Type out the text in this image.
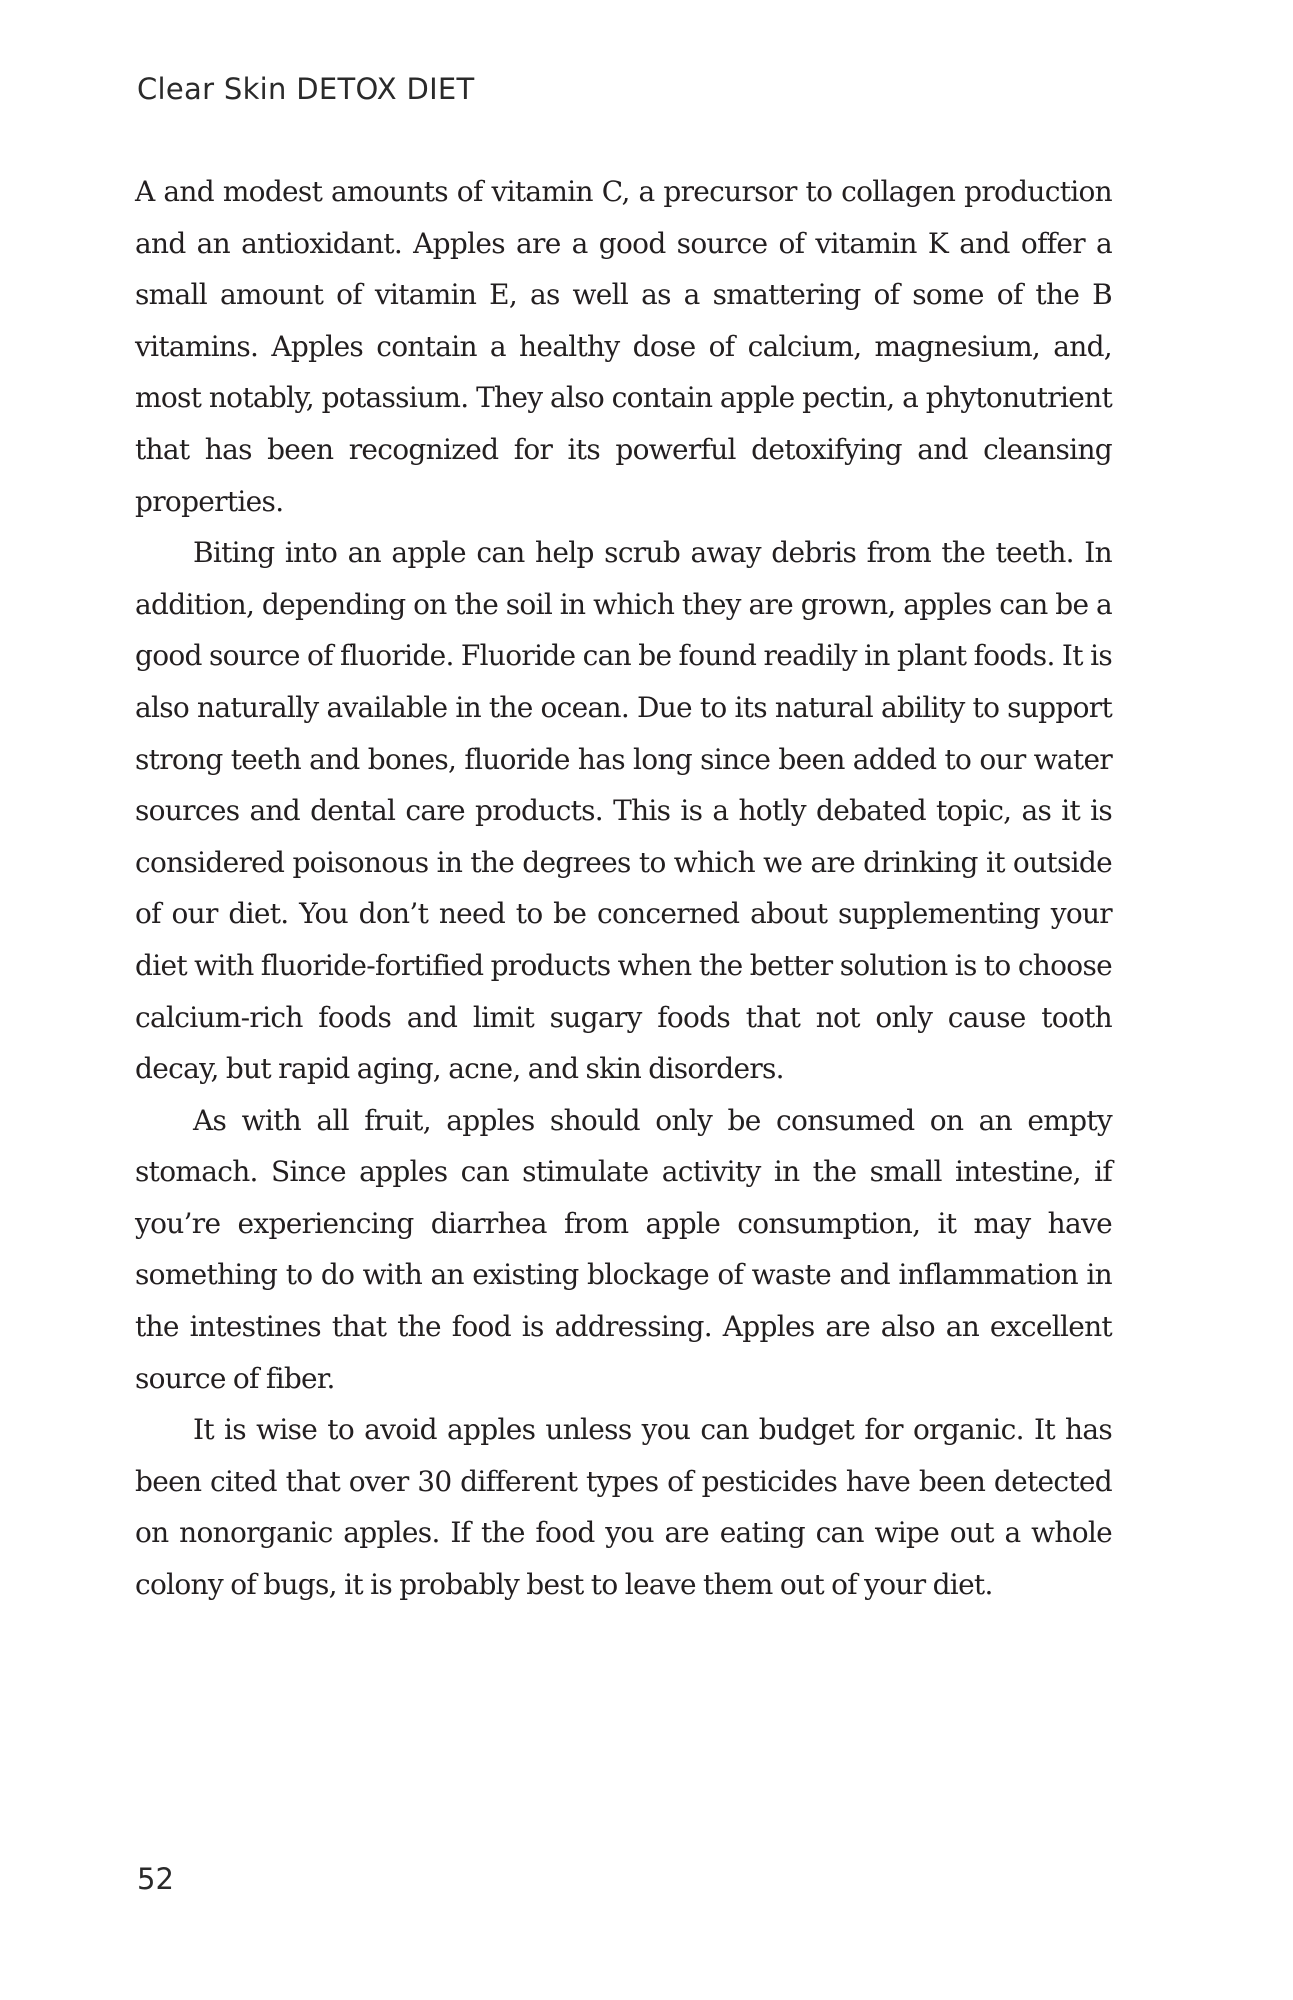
Clear Skin DETOX DIET

A and modest amounts of vitamin C, a precursor to collagen production and an antioxidant. Apples are a good source of vitamin K and offer a small amount of vitamin E, as well as a smattering of some of the B vitamins. Apples contain a healthy dose of calcium, magnesium, and, most notably, potassium. They also contain apple pectin, a phytonutrient that has been recognized for its powerful detoxifying and cleansing properties.

Biting into an apple can help scrub away debris from the teeth. In addition, depending on the soil in which they are grown, apples can be a good source of fluoride. Fluoride can be found readily in plant foods. It is also naturally available in the ocean. Due to its natural ability to support strong teeth and bones, fluoride has long since been added to our water sources and dental care products. This is a hotly debated topic, as it is considered poisonous in the degrees to which we are drinking it outside of our diet. You don’t need to be concerned about supplementing your diet with fluoride-fortified products when the better solution is to choose calcium-rich foods and limit sugary foods that not only cause tooth decay, but rapid aging, acne, and skin disorders.

As with all fruit, apples should only be consumed on an empty stomach. Since apples can stimulate activity in the small intestine, if you’re experiencing diarrhea from apple consumption, it may have something to do with an existing blockage of waste and inflammation in the intestines that the food is addressing. Apples are also an excellent source of fiber.

It is wise to avoid apples unless you can budget for organic. It has been cited that over 30 different types of pesticides have been detected on nonorganic apples. If the food you are eating can wipe out a whole colony of bugs, it is probably best to leave them out of your diet.

52
